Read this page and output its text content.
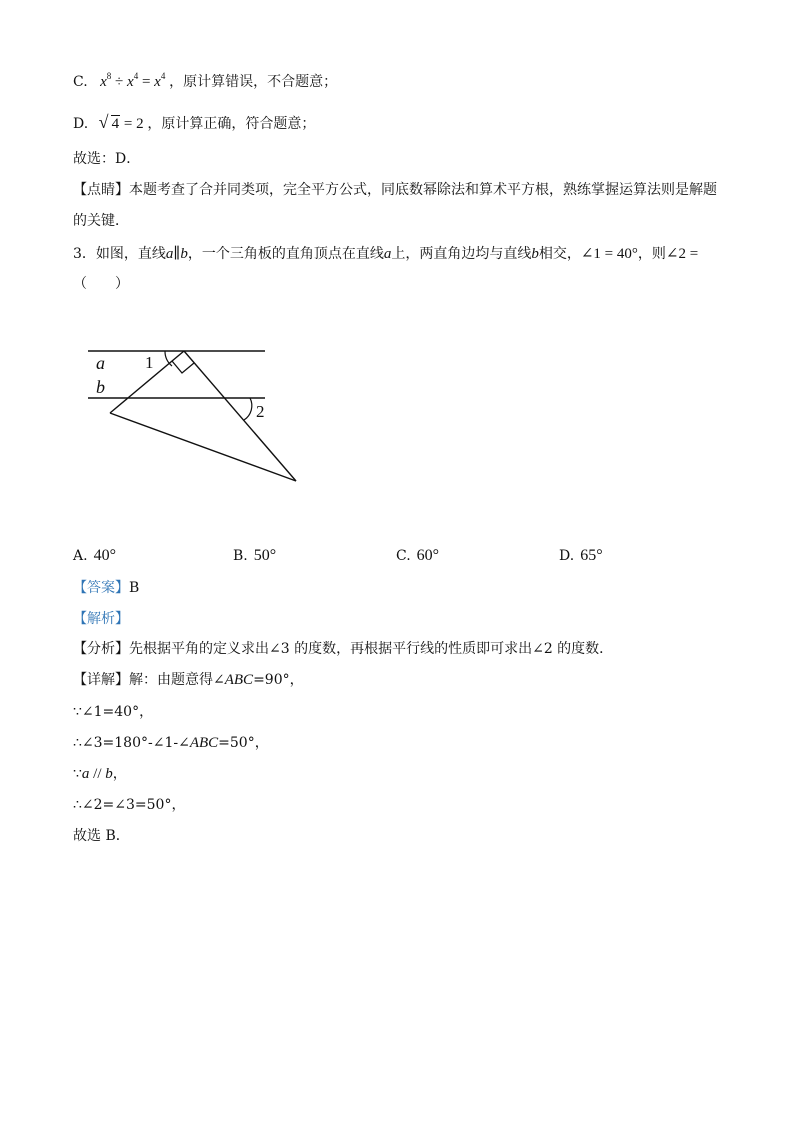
C. $x^8 \div x^4 = x^4$ ，原计算错误，不合题意；
D. √ 4 = 2 ，原计算正确，符合题意；
故选：D．
【点睛】本题考查了合并同类项，完全平方公式，同底数幂除法和算术平方根，熟练掌握运算法则是解题
的关键．
3．如图，直线a∥b，一个三角板的直角顶点在直线a上，两直角边均与直线b相交，∠1 = 40°，则∠2 =
（　　）
a
b
1
2
A. 40°	B. 50°	C. 60°	D. 65°
【答案】B
【解析】
【分析】先根据平角的定义求出∠3 的度数，再根据平行线的性质即可求出∠2 的度数．
【详解】解：由题意得∠ABC=90°，
∵∠1=40°，
∴∠3=180°-∠1-∠ABC=50°，
∵a // b，
∴∠2=∠3=50°，
故选 B．
